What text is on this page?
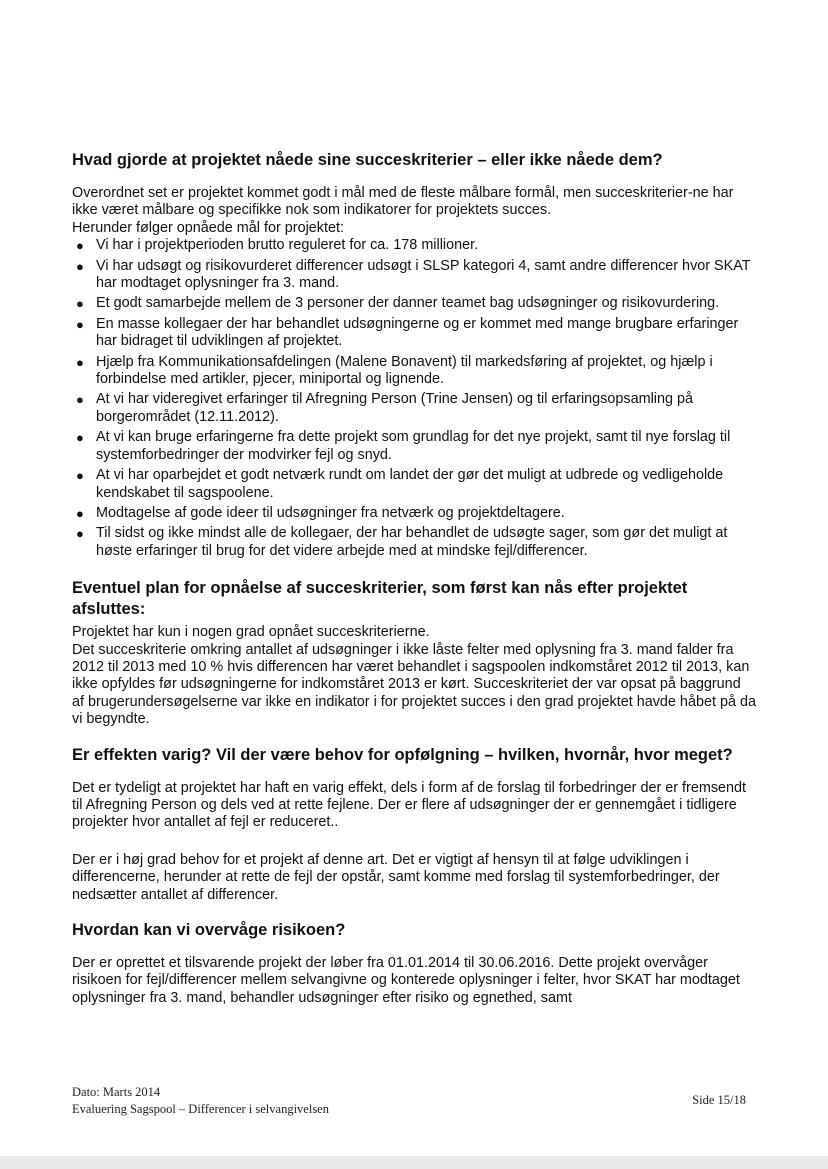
Hvad gjorde at projektet nåede sine succeskriterier – eller ikke nåede dem?

Overordnet set er projektet kommet godt i mål med de fleste målbare formål, men succeskriterier-ne har ikke været målbare og specifikke nok som indikatorer for projektets succes.

Herunder følger opnåede mål for projektet:

● Vi har i projektperioden brutto reguleret for ca. 178 millioner.
● Vi har udsøgt og risikovurderet differencer udsøgt i SLSP kategori 4, samt andre differencer hvor SKAT har modtaget oplysninger fra 3. mand.
● Et godt samarbejde mellem de 3 personer der danner teamet bag udsøgninger og risikovurdering.
● En masse kollegaer der har behandlet udsøgningerne og er kommet med mange brugbare erfaringer har bidraget til udviklingen af projektet.
● Hjælp fra Kommunikationsafdelingen (Malene Bonavent) til markedsføring af projektet, og hjælp i forbindelse med artikler, pjecer, miniportal og lignende.
● At vi har videregivet erfaringer til Afregning Person (Trine Jensen) og til erfaringsopsamling på borgerområdet (12.11.2012).
● At vi kan bruge erfaringerne fra dette projekt som grundlag for det nye projekt, samt til nye forslag til systemforbedringer der modvirker fejl og snyd.
● At vi har oparbejdet et godt netværk rundt om landet der gør det muligt at udbrede og vedligeholde kendskabet til sagspoolene.
● Modtagelse af gode ideer til udsøgninger fra netværk og projektdeltagere.
● Til sidst og ikke mindst alle de kollegaer, der har behandlet de udsøgte sager, som gør det muligt at høste erfaringer til brug for det videre arbejde med at mindske fejl/differencer.
Eventuel plan for opnåelse af succeskriterier, som først kan nås efter projektet afsluttes:

Projektet har kun i nogen grad opnået succeskriterierne.

Det succeskriterie omkring antallet af udsøgninger i ikke låste felter med oplysning fra 3. mand falder fra 2012 til 2013 med 10 % hvis differencen har været behandlet i sagspoolen indkomståret 2012 til 2013, kan ikke opfyldes før udsøgningerne for indkomståret 2013 er kørt. Succeskriteriet der var opsat på baggrund af brugerundersøgelserne var ikke en indikator i for projektet succes i den grad projektet havde håbet på da vi begyndte.

Er effekten varig? Vil der være behov for opfølgning – hvilken, hvornår, hvor meget?

Det er tydeligt at projektet har haft en varig effekt, dels i form af de forslag til forbedringer der er fremsendt til Afregning Person og dels ved at rette fejlene. Der er flere af udsøgninger der er gennemgået i tidligere projekter hvor antallet af fejl er reduceret..

Der er i høj grad behov for et projekt af denne art. Det er vigtigt af hensyn til at følge udviklingen i differencerne, herunder at rette de fejl der opstår, samt komme med forslag til systemforbedringer, der nedsætter antallet af differencer.

Hvordan kan vi overvåge risikoen?

Der er oprettet et tilsvarende projekt der løber fra 01.01.2014 til 30.06.2016. Dette projekt overvåger risikoen for fejl/differencer mellem selvangivne og konterede oplysninger i felter, hvor SKAT har modtaget oplysninger fra 3. mand, behandler udsøgninger efter risiko og egnethed, samt

Dato: Marts 2014
Evaluering Sagspool – Differencer i selvangivelsen
Side 15/18
